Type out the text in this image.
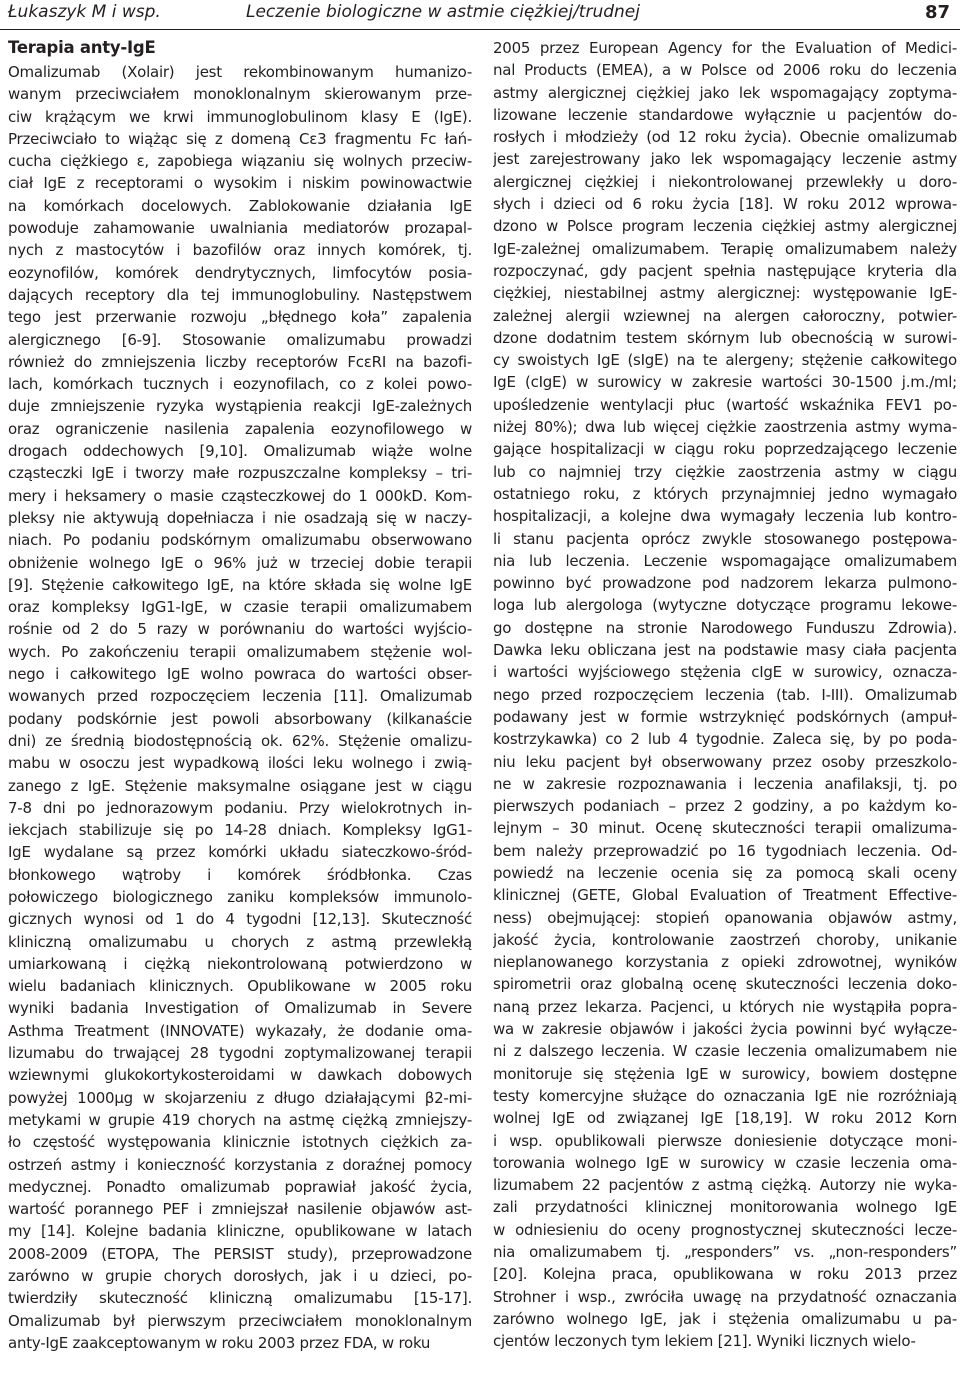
Łukaszyk M i wsp.	Leczenie biologiczne w astmie ciężkiej/trudnej	87
Terapia anty-IgE
Omalizumab (Xolair) jest rekombinowanym humanizo-
wanym przeciwciałem monoklonalnym skierowanym prze-
ciw krążącym we krwi immunoglobulinom klasy E (IgE).
Przeciwciało to wiążąc się z domeną Cε3 fragmentu Fc łań-
cucha ciężkiego ε, zapobiega wiązaniu się wolnych przeciw-
ciał IgE z receptorami o wysokim i niskim powinowactwie
na komórkach docelowych. Zablokowanie działania IgE
powoduje zahamowanie uwalniania mediatorów prozapal-
nych z mastocytów i bazofilów oraz innych komórek, tj.
eozynofilów, komórek dendrytycznych, limfocytów posia-
dających receptory dla tej immunoglobuliny. Następstwem
tego jest przerwanie rozwoju „błędnego koła” zapalenia
alergicznego [6-9]. Stosowanie omalizumabu prowadzi
również do zmniejszenia liczby receptorów FcεRI na bazofi-
lach, komórkach tucznych i eozynofilach, co z kolei powo-
duje zmniejszenie ryzyka wystąpienia reakcji IgE-zależnych
oraz ograniczenie nasilenia zapalenia eozynofilowego w
drogach oddechowych [9,10]. Omalizumab wiąże wolne
cząsteczki IgE i tworzy małe rozpuszczalne kompleksy – tri-
mery i heksamery o masie cząsteczkowej do 1 000kD. Kom-
pleksy nie aktywują dopełniacza i nie osadzają się w naczy-
niach. Po podaniu podskórnym omalizumabu obserwowano
obniżenie wolnego IgE o 96% już w trzeciej dobie terapii
[9]. Stężenie całkowitego IgE, na które składa się wolne IgE
oraz kompleksy IgG1-IgE, w czasie terapii omalizumabem
rośnie od 2 do 5 razy w porównaniu do wartości wyjścio-
wych. Po zakończeniu terapii omalizumabem stężenie wol-
nego i całkowitego IgE wolno powraca do wartości obser-
wowanych przed rozpoczęciem leczenia [11]. Omalizumab
podany podskórnie jest powoli absorbowany (kilkanaście
dni) ze średnią biodostępnością ok. 62%. Stężenie omalizu-
mabu w osoczu jest wypadkową ilości leku wolnego i zwią-
zanego z IgE. Stężenie maksymalne osiągane jest w ciągu
7-8 dni po jednorazowym podaniu. Przy wielokrotnych in-
iekcjach stabilizuje się po 14-28 dniach. Kompleksy IgG1-
IgE wydalane są przez komórki układu siateczkowo-śród-
błonkowego wątroby i komórek śródbłonka. Czas
połowiczego biologicznego zaniku kompleksów immunolo-
gicznych wynosi od 1 do 4 tygodni [12,13]. Skuteczność
kliniczną omalizumabu u chorych z astmą przewlekłą
umiarkowaną i ciężką niekontrolowaną potwierdzono w
wielu badaniach klinicznych. Opublikowane w 2005 roku
wyniki badania Investigation of Omalizumab in Severe
Asthma Treatment (INNOVATE) wykazały, że dodanie oma-
lizumabu do trwającej 28 tygodni zoptymalizowanej terapii
wziewnymi glukokortykosteroidami w dawkach dobowych
powyżej 1000μg w skojarzeniu z długo działającymi β2-mi-
metykami w grupie 419 chorych na astmę ciężką zmniejszy-
ło częstość występowania klinicznie istotnych ciężkich za-
ostrzeń astmy i konieczność korzystania z doraźnej pomocy
medycznej. Ponadto omalizumab poprawiał jakość życia,
wartość porannego PEF i zmniejszał nasilenie objawów ast-
my [14]. Kolejne badania kliniczne, opublikowane w latach
2008-2009 (ETOPA, The PERSIST study), przeprowadzone
zarówno w grupie chorych dorosłych, jak i u dzieci, po-
twierdziły skuteczność kliniczną omalizumabu [15-17].
Omalizumab był pierwszym przeciwciałem monoklonalnym
anty-IgE zaakceptowanym w roku 2003 przez FDA, w roku
2005 przez European Agency for the Evaluation of Medici-
nal Products (EMEA), a w Polsce od 2006 roku do leczenia
astmy alergicznej ciężkiej jako lek wspomagający zoptyma-
lizowane leczenie standardowe wyłącznie u pacjentów do-
rosłych i młodzieży (od 12 roku życia). Obecnie omalizumab
jest zarejestrowany jako lek wspomagający leczenie astmy
alergicznej ciężkiej i niekontrolowanej przewlekły u doro-
słych i dzieci od 6 roku życia [18]. W roku 2012 wprowa-
dzono w Polsce program leczenia ciężkiej astmy alergicznej
IgE-zależnej omalizumabem. Terapię omalizumabem należy
rozpoczynać, gdy pacjent spełnia następujące kryteria dla
ciężkiej, niestabilnej astmy alergicznej: występowanie IgE-
zależnej alergii wziewnej na alergen całoroczny, potwier-
dzone dodatnim testem skórnym lub obecnością w surowi-
cy swoistych IgE (sIgE) na te alergeny; stężenie całkowitego
IgE (cIgE) w surowicy w zakresie wartości 30-1500 j.m./ml;
upośledzenie wentylacji płuc (wartość wskaźnika FEV1 po-
niżej 80%); dwa lub więcej ciężkie zaostrzenia astmy wyma-
gające hospitalizacji w ciągu roku poprzedzającego leczenie
lub co najmniej trzy ciężkie zaostrzenia astmy w ciągu
ostatniego roku, z których przynajmniej jedno wymagało
hospitalizacji, a kolejne dwa wymagały leczenia lub kontro-
li stanu pacjenta oprócz zwykle stosowanego postępowa-
nia lub leczenia. Leczenie wspomagające omalizumabem
powinno być prowadzone pod nadzorem lekarza pulmono-
loga lub alergologa (wytyczne dotyczące programu lekowe-
go dostępne na stronie Narodowego Funduszu Zdrowia).
Dawka leku obliczana jest na podstawie masy ciała pacjenta
i wartości wyjściowego stężenia cIgE w surowicy, oznacza-
nego przed rozpoczęciem leczenia (tab. I-III). Omalizumab
podawany jest w formie wstrzyknięć podskórnych (ampuł-
kostrzykawka) co 2 lub 4 tygodnie. Zaleca się, by po poda-
niu leku pacjent był obserwowany przez osoby przeszkolo-
ne w zakresie rozpoznawania i leczenia anafilaksji, tj. po
pierwszych podaniach – przez 2 godziny, a po każdym ko-
lejnym – 30 minut. Ocenę skuteczności terapii omalizuma-
bem należy przeprowadzić po 16 tygodniach leczenia. Od-
powiedź na leczenie ocenia się za pomocą skali oceny
klinicznej (GETE, Global Evaluation of Treatment Effective-
ness) obejmującej: stopień opanowania objawów astmy,
jakość życia, kontrolowanie zaostrzeń choroby, unikanie
nieplanowanego korzystania z opieki zdrowotnej, wyników
spirometrii oraz globalną ocenę skuteczności leczenia doko-
naną przez lekarza. Pacjenci, u których nie wystąpiła popra-
wa w zakresie objawów i jakości życia powinni być wyłącze-
ni z dalszego leczenia. W czasie leczenia omalizumabem nie
monitoruje się stężenia IgE w surowicy, bowiem dostępne
testy komercyjne służące do oznaczania IgE nie rozróżniają
wolnej IgE od związanej IgE [18,19]. W roku 2012 Korn
i wsp. opublikowali pierwsze doniesienie dotyczące moni-
torowania wolnego IgE w surowicy w czasie leczenia oma-
lizumabem 22 pacjentów z astmą ciężką. Autorzy nie wyka-
zali przydatności klinicznej monitorowania wolnego IgE
w odniesieniu do oceny prognostycznej skuteczności lecze-
nia omalizumabem tj. „responders” vs. „non-responders”
[20]. Kolejna praca, opublikowana w roku 2013 przez
Strohner i wsp., zwróciła uwagę na przydatność oznaczania
zarówno wolnego IgE, jak i stężenia omalizumabu u pa-
cjentów leczonych tym lekiem [21]. Wyniki licznych wielo-
